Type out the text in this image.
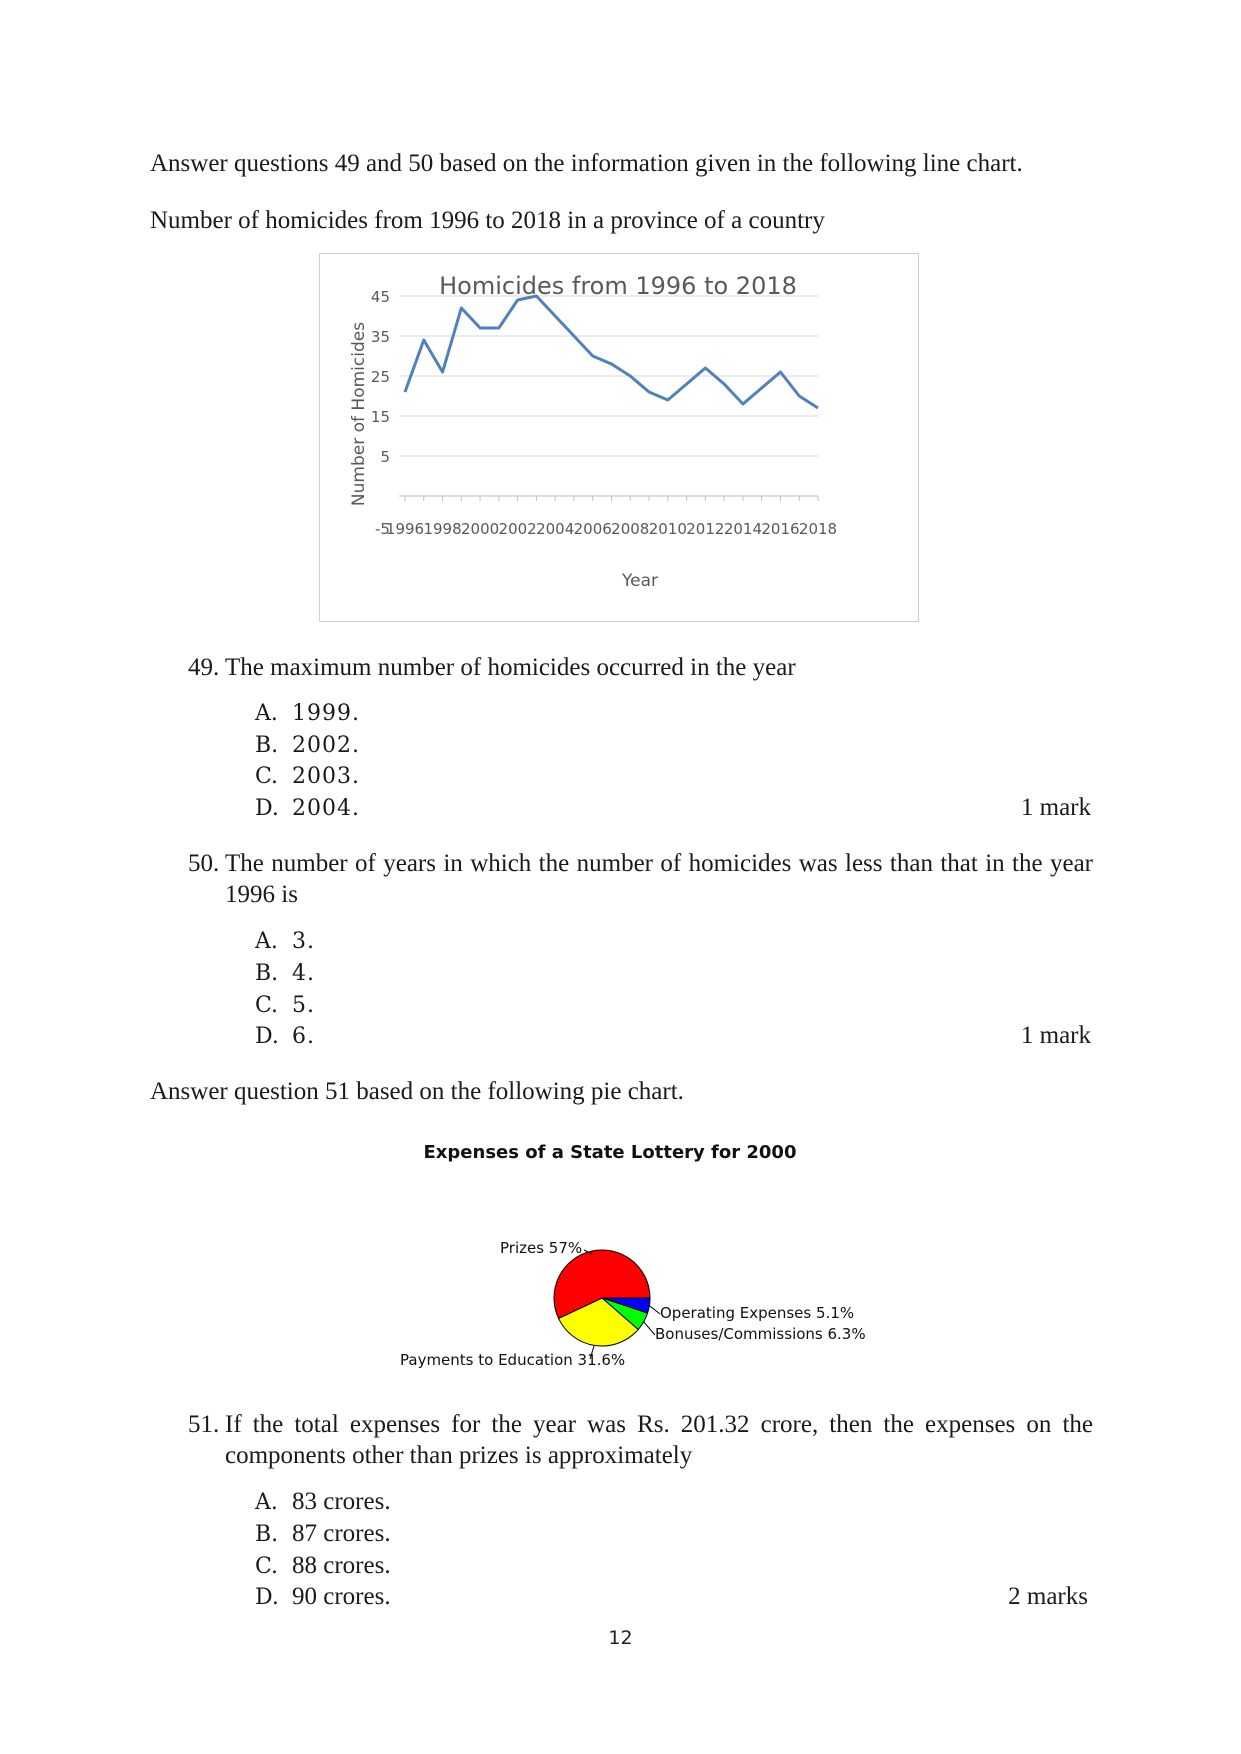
Answer questions 49 and 50 based on the information given in the following line chart.
Number of homicides from 1996 to 2018 in a province of a country
Homicides from 1996 to 2018
5
15
25
35
45
-5
1996 1998 2000 2002 2004 2006 2008 2010 2012 2014 2016 2018
Number of Homicides
Year
49. The maximum number of homicides occurred in the year
A. 1999.
B. 2002.
C. 2003.
D. 2004.	1 mark
50. The number of years in which the number of homicides was less than that in the year 1996 is
A. 3.
B. 4.
C. 5.
D. 6.	1 mark
Answer question 51 based on the following pie chart.
Expenses of a State Lottery for 2000
Prizes 57%
Operating Expenses 5.1%
Bonuses/Commissions 6.3%
Payments to Education 31.6%
51. If the total expenses for the year was Rs. 201.32 crore, then the expenses on the components other than prizes is approximately
A. 83 crores.
B. 87 crores.
C. 88 crores.
D. 90 crores.	2 marks
12
